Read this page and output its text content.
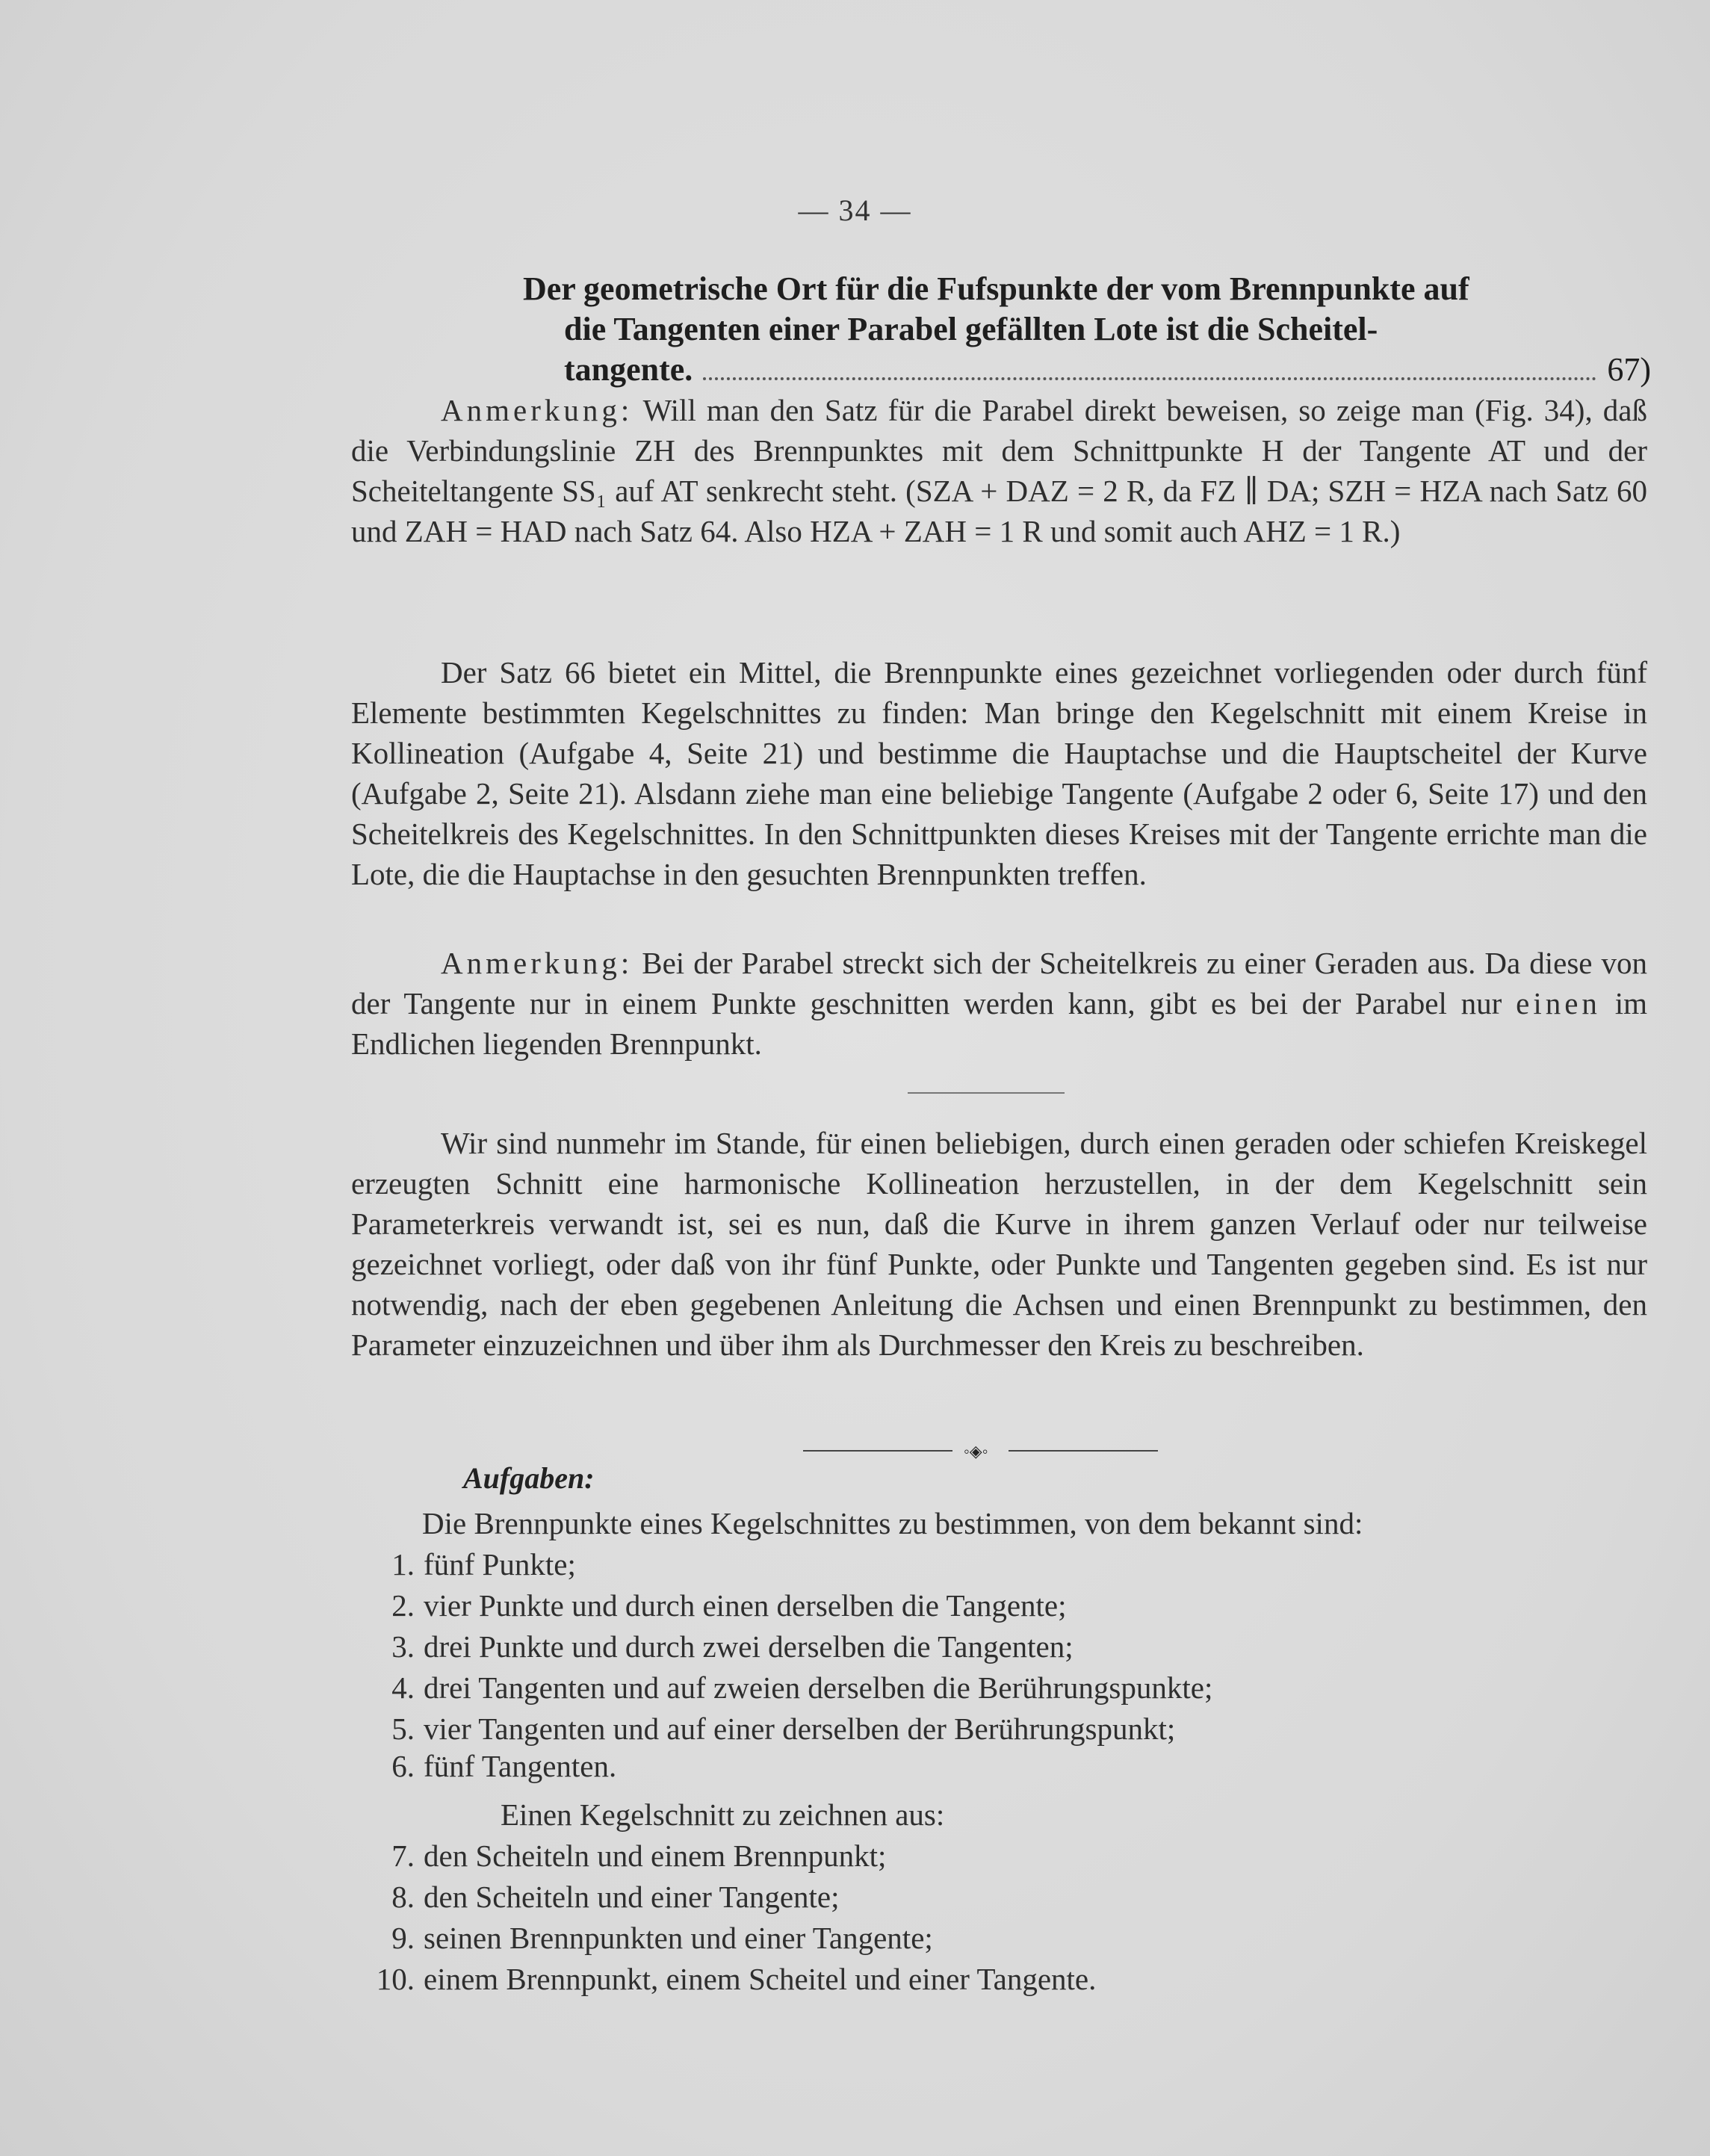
— 34 —
Der geometrische Ort für die Fufspunkte der vom Brennpunkte auf
die Tangenten einer Parabel gefällten Lote ist die Scheitel-
tangente.	67)
Anmerkung: Will man den Satz für die Parabel direkt beweisen, so zeige man (Fig. 34), daß die Verbindungslinie ZH des Brennpunktes mit dem Schnittpunkte H der Tangente AT und der Scheiteltangente SS₁ auf AT senkrecht steht. (SZA + DAZ = 2 R, da FZ ∥ DA; SZH = HZA nach Satz 60 und ZAH = HAD nach Satz 64. Also HZA + ZAH = 1 R und somit auch AHZ = 1 R.)
Der Satz 66 bietet ein Mittel, die Brennpunkte eines gezeichnet vorliegenden oder durch fünf Elemente bestimmten Kegelschnittes zu finden: Man bringe den Kegelschnitt mit einem Kreise in Kollineation (Aufgabe 4, Seite 21) und bestimme die Hauptachse und die Hauptscheitel der Kurve (Aufgabe 2, Seite 21). Alsdann ziehe man eine beliebige Tangente (Aufgabe 2 oder 6, Seite 17) und den Scheitelkreis des Kegelschnittes. In den Schnittpunkten dieses Kreises mit der Tangente errichte man die Lote, die die Hauptachse in den gesuchten Brennpunkten treffen.
Anmerkung: Bei der Parabel streckt sich der Scheitelkreis zu einer Geraden aus. Da diese von der Tangente nur in einem Punkte geschnitten werden kann, gibt es bei der Parabel nur einen im Endlichen liegenden Brennpunkt.
Wir sind nunmehr im Stande, für einen beliebigen, durch einen geraden oder schiefen Kreiskegel erzeugten Schnitt eine harmonische Kollineation herzustellen, in der dem Kegelschnitt sein Parameterkreis verwandt ist, sei es nun, daß die Kurve in ihrem ganzen Verlauf oder nur teilweise gezeichnet vorliegt, oder daß von ihr fünf Punkte, oder Punkte und Tangenten gegeben sind. Es ist nur notwendig, nach der eben gegebenen Anleitung die Achsen und einen Brennpunkt zu bestimmen, den Parameter einzuzeichnen und über ihm als Durchmesser den Kreis zu beschreiben.
◦◈◦
Aufgaben:
Die Brennpunkte eines Kegelschnittes zu bestimmen, von dem bekannt sind:
1. fünf Punkte;
2. vier Punkte und durch einen derselben die Tangente;
3. drei Punkte und durch zwei derselben die Tangenten;
4. drei Tangenten und auf zweien derselben die Berührungspunkte;
5. vier Tangenten und auf einer derselben der Berührungspunkt;
6. fünf Tangenten.
Einen Kegelschnitt zu zeichnen aus:
7. den Scheiteln und einem Brennpunkt;
8. den Scheiteln und einer Tangente;
9. seinen Brennpunkten und einer Tangente;
10. einem Brennpunkt, einem Scheitel und einer Tangente.
